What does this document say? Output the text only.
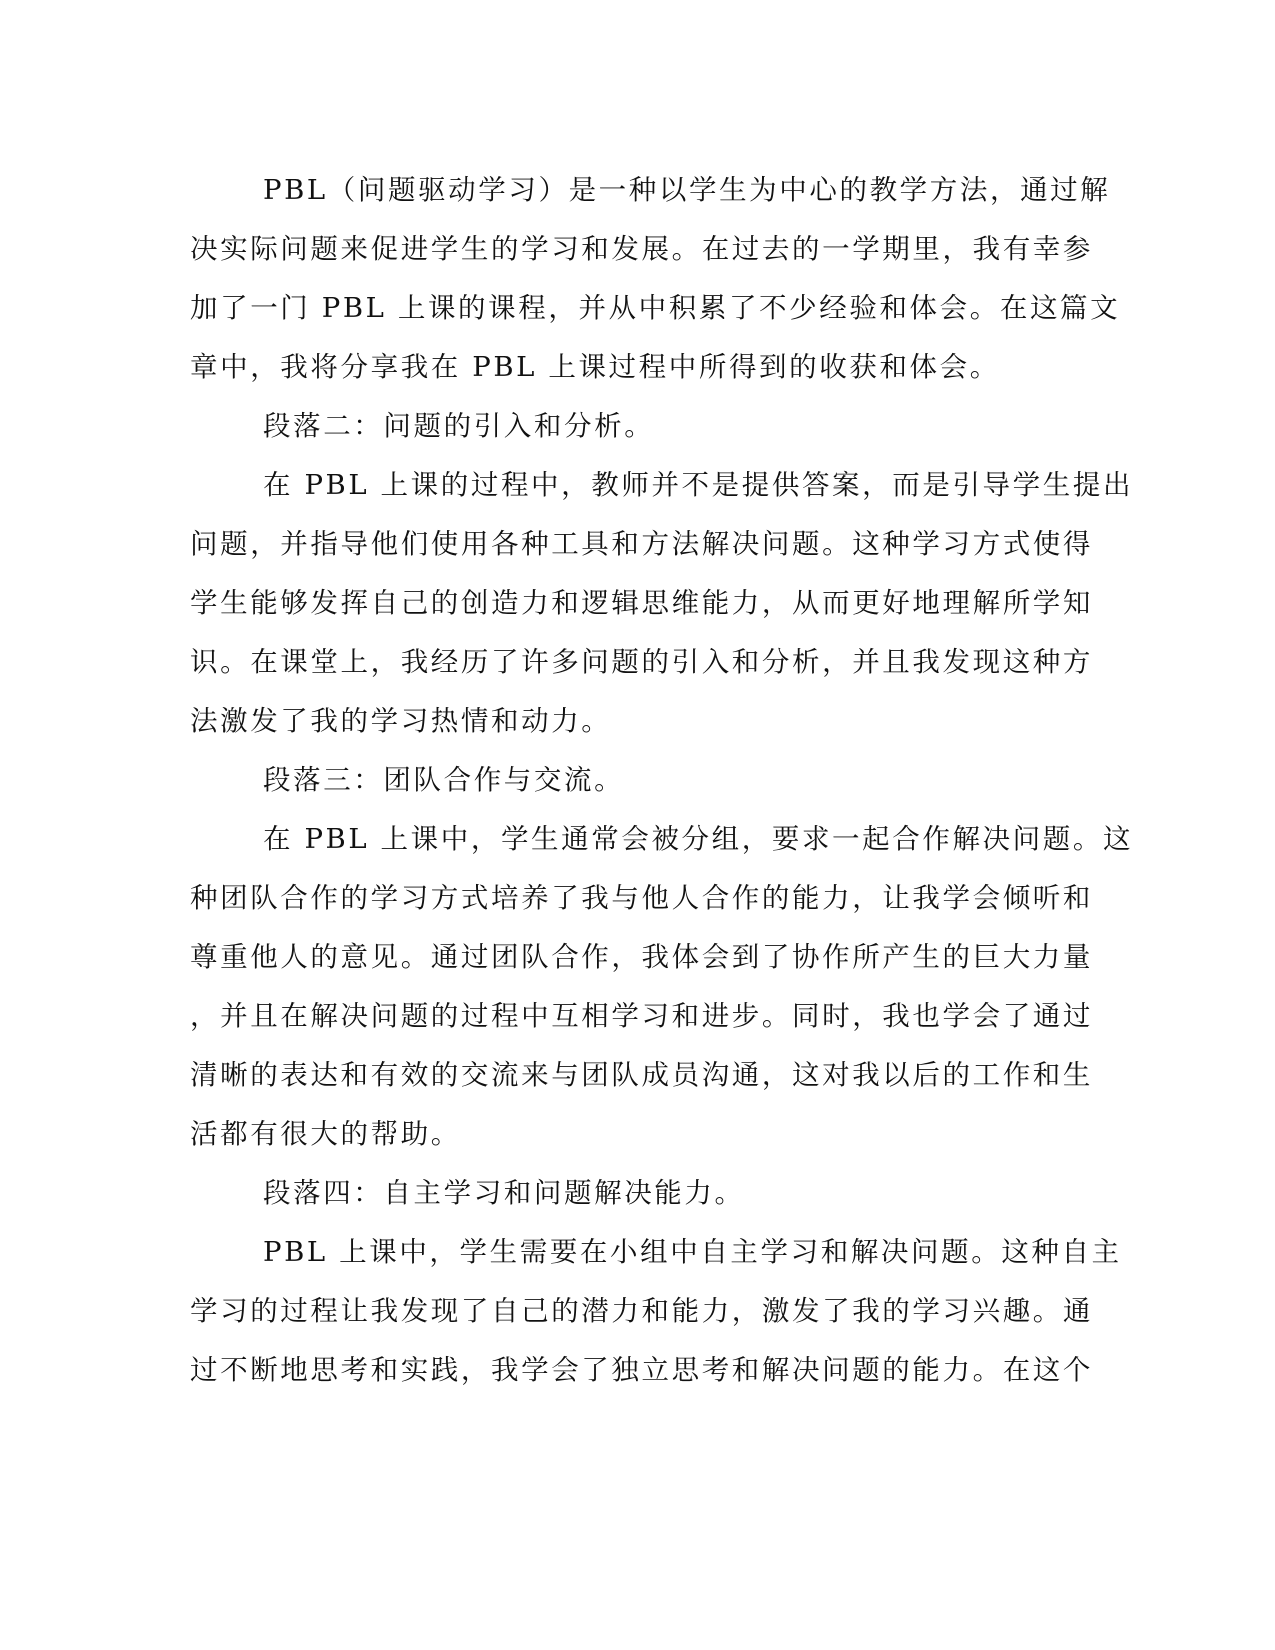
PBL（问题驱动学习）是一种以学生为中心的教学方法，通过解
决实际问题来促进学生的学习和发展。在过去的一学期里，我有幸参
加了一门 PBL 上课的课程，并从中积累了不少经验和体会。在这篇文
章中，我将分享我在 PBL 上课过程中所得到的收获和体会。
段落二：问题的引入和分析。
在 PBL 上课的过程中，教师并不是提供答案，而是引导学生提出
问题，并指导他们使用各种工具和方法解决问题。这种学习方式使得
学生能够发挥自己的创造力和逻辑思维能力，从而更好地理解所学知
识。在课堂上，我经历了许多问题的引入和分析，并且我发现这种方
法激发了我的学习热情和动力。
段落三：团队合作与交流。
在 PBL 上课中，学生通常会被分组，要求一起合作解决问题。这
种团队合作的学习方式培养了我与他人合作的能力，让我学会倾听和
尊重他人的意见。通过团队合作，我体会到了协作所产生的巨大力量
，并且在解决问题的过程中互相学习和进步。同时，我也学会了通过
清晰的表达和有效的交流来与团队成员沟通，这对我以后的工作和生
活都有很大的帮助。
段落四：自主学习和问题解决能力。
PBL 上课中，学生需要在小组中自主学习和解决问题。这种自主
学习的过程让我发现了自己的潜力和能力，激发了我的学习兴趣。通
过不断地思考和实践，我学会了独立思考和解决问题的能力。在这个
